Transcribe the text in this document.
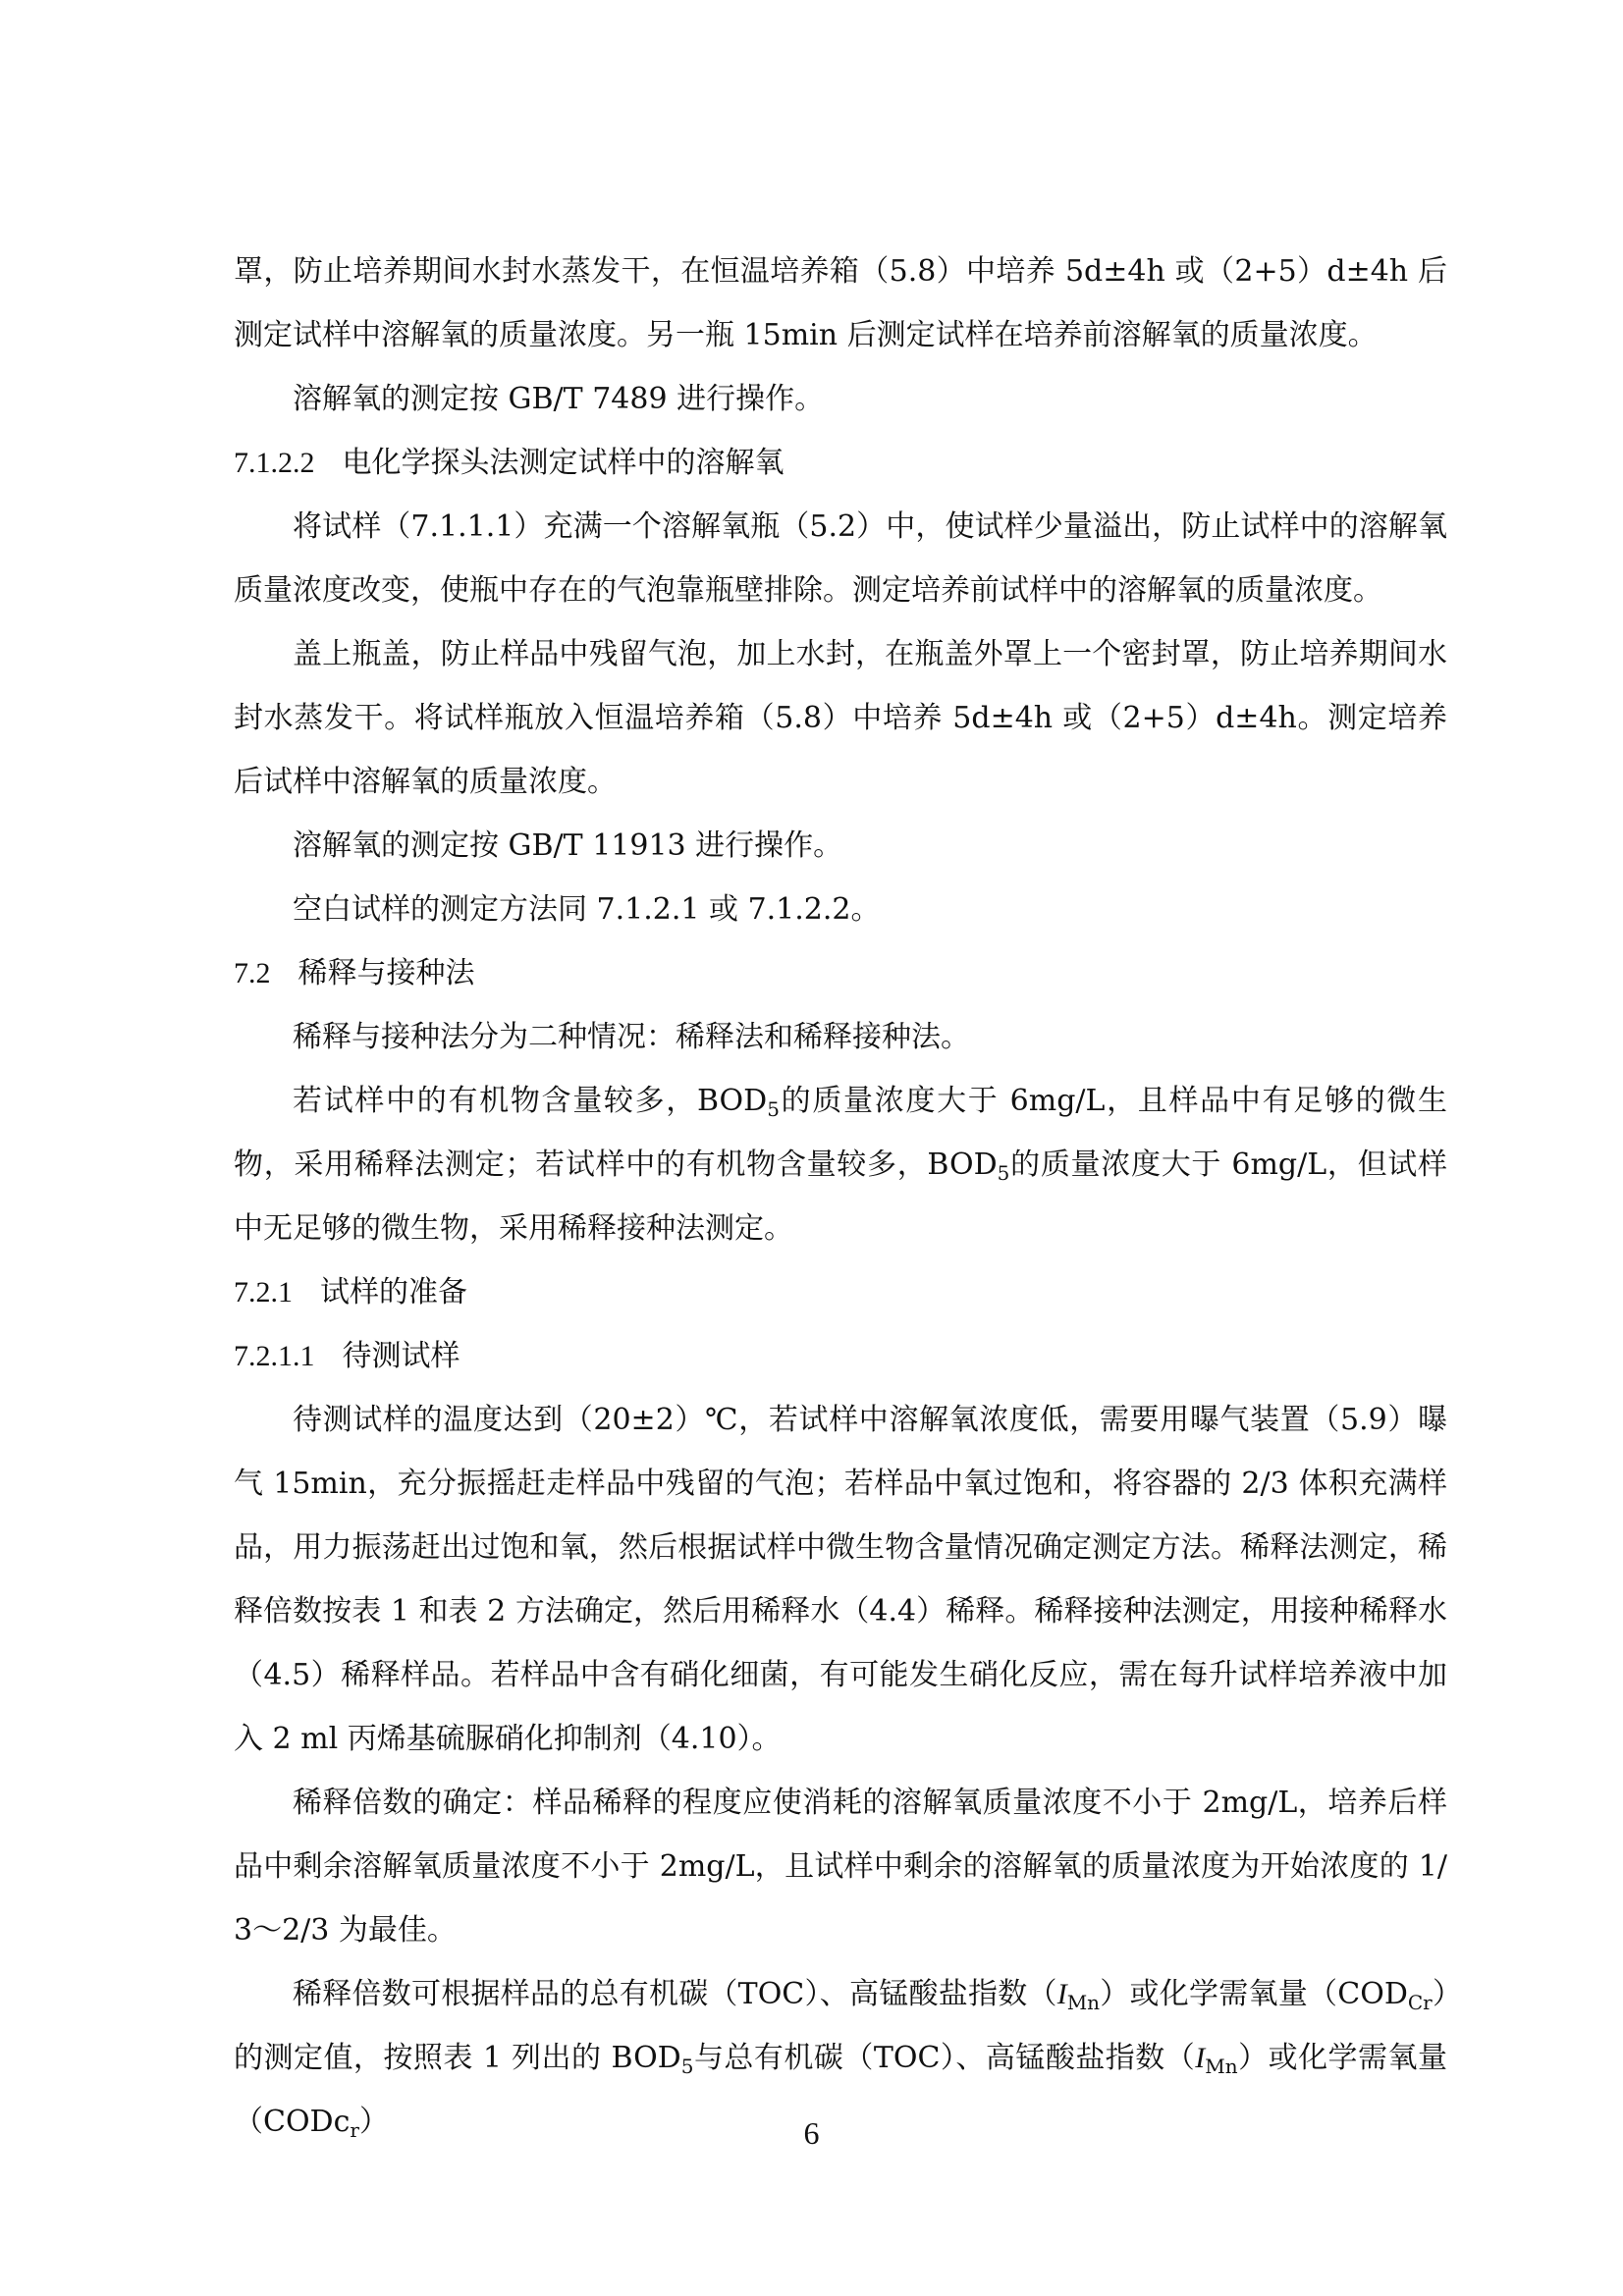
罩，防止培养期间水封水蒸发干，在恒温培养箱（5.8）中培养 5d±4h 或（2+5）d±4h 后测定试样中溶解氧的质量浓度。另一瓶 15min 后测定试样在培养前溶解氧的质量浓度。

溶解氧的测定按 GB/T 7489 进行操作。

7.1.2.2 电化学探头法测定试样中的溶解氧

将试样（7.1.1.1）充满一个溶解氧瓶（5.2）中，使试样少量溢出，防止试样中的溶解氧质量浓度改变，使瓶中存在的气泡靠瓶壁排除。测定培养前试样中的溶解氧的质量浓度。

盖上瓶盖，防止样品中残留气泡，加上水封，在瓶盖外罩上一个密封罩，防止培养期间水封水蒸发干。将试样瓶放入恒温培养箱（5.8）中培养 5d±4h 或（2+5）d±4h。测定培养后试样中溶解氧的质量浓度。

溶解氧的测定按 GB/T 11913 进行操作。

空白试样的测定方法同 7.1.2.1 或 7.1.2.2。

7.2 稀释与接种法

稀释与接种法分为二种情况：稀释法和稀释接种法。

若试样中的有机物含量较多，$BOD_5$的质量浓度大于 6mg/L，且样品中有足够的微生物，采用稀释法测定；若试样中的有机物含量较多，$BOD_5$的质量浓度大于 6mg/L，但试样中无足够的微生物，采用稀释接种法测定。

7.2.1 试样的准备
7.2.1.1 待测试样

待测试样的温度达到（20±2）℃，若试样中溶解氧浓度低，需要用曝气装置（5.9）曝气 15min，充分振摇赶走样品中残留的气泡；若样品中氧过饱和，将容器的 2/3 体积充满样品，用力振荡赶出过饱和氧，然后根据试样中微生物含量情况确定测定方法。稀释法测定，稀释倍数按表 1 和表 2 方法确定，然后用稀释水（4.4）稀释。稀释接种法测定，用接种稀释水（4.5）稀释样品。若样品中含有硝化细菌，有可能发生硝化反应，需在每升试样培养液中加入 2 ml 丙烯基硫脲硝化抑制剂（4.10）。

稀释倍数的确定：样品稀释的程度应使消耗的溶解氧质量浓度不小于 2mg/L，培养后样品中剩余溶解氧质量浓度不小于 2mg/L，且试样中剩余的溶解氧的质量浓度为开始浓度的 1/3～2/3 为最佳。

稀释倍数可根据样品的总有机碳（TOC）、高锰酸盐指数$(I_{Mn})$或化学需氧量$(COD_{Cr})$的测定值，按照表 1 列出的 $BOD_5$与总有机碳（TOC）、高锰酸盐指数$(I_{Mn})$或化学需氧量（CODc$_r$）	6
